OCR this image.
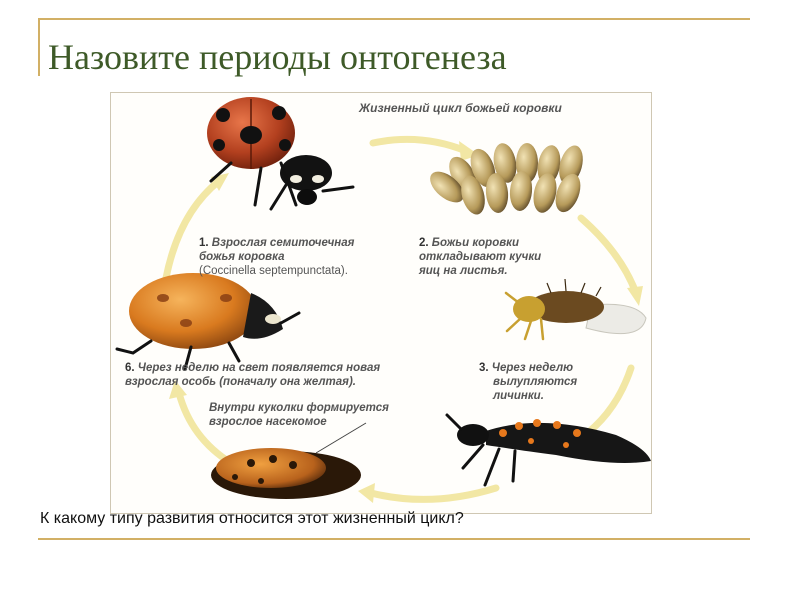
Назовите периоды онтогенеза
Жизненный цикл божьей коровки
1. Взрослая семиточечная
божья коровка
(Coccinella septempunctata).
2. Божьи коровки
откладывают кучки
яиц на листья.
3. Через неделю
вылупляются
личинки.
Внутри куколки формируется
взрослое насекомое
6. Через неделю на свет появляется новая
взрослая особь (поначалу она желтая).
К какому типу развития относится этот жизненный цикл?
